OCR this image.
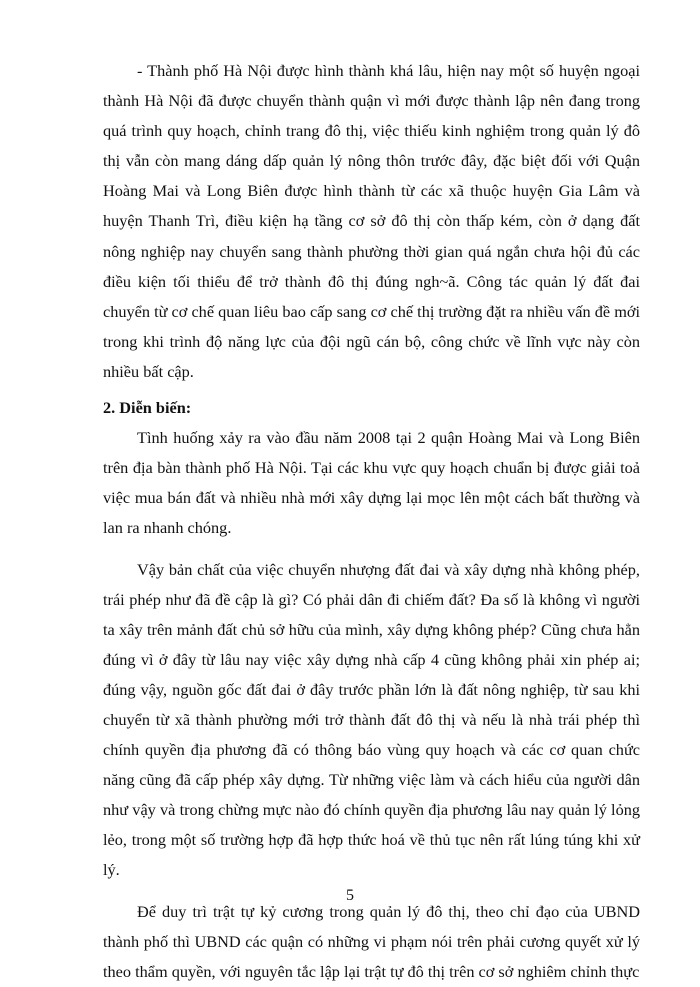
- Thành phố Hà Nội được hình thành khá lâu, hiện nay một số huyện ngoại thành Hà Nội đã được chuyển thành quận vì mới được thành lập nên đang trong quá trình quy hoạch, chỉnh trang đô thị, việc thiếu kinh nghiệm trong quản lý đô thị vẫn còn mang dáng dấp quản lý nông thôn trước đây, đặc biệt đối với Quận Hoàng Mai và Long Biên được hình thành từ các xã thuộc huyện Gia Lâm và huyện Thanh Trì, điều kiện hạ tầng cơ sở đô thị còn thấp kém, còn ở dạng đất nông nghiệp nay chuyển sang thành phường thời gian quá ngắn chưa hội đủ các điều kiện tối thiểu để trở thành đô thị đúng ngh~ã. Công tác quản lý đất đai chuyển từ cơ chế quan liêu bao cấp sang cơ chế thị trường đặt ra nhiều vấn đề mới trong khi trình độ năng lực của đội ngũ cán bộ, công chức về lĩnh vực này còn nhiều bất cập.

2. Diễn biến:

Tình huống xảy ra vào đầu năm 2008 tại 2 quận Hoàng Mai và Long Biên trên địa bàn thành phố Hà Nội. Tại các khu vực quy hoạch chuẩn bị được giải toả việc mua bán đất và nhiều nhà mới xây dựng lại mọc lên một cách bất thường và lan ra nhanh chóng.

Vậy bản chất của việc chuyển nhượng đất đai và xây dựng nhà không phép, trái phép như đã đề cập là gì? Có phải dân đi chiếm đất? Đa số là không vì người ta xây trên mảnh đất chủ sở hữu của mình, xây dựng không phép? Cũng chưa hẳn đúng vì ở đây từ lâu nay việc xây dựng nhà cấp 4 cũng không phải xin phép ai; đúng vậy, nguồn gốc đất đai ở đây trước phần lớn là đất nông nghiệp, từ sau khi chuyển từ xã thành phường mới trở thành đất đô thị và nếu là nhà trái phép thì chính quyền địa phương đã có thông báo vùng quy hoạch và các cơ quan chức năng cũng đã cấp phép xây dựng. Từ những việc làm và cách hiểu của người dân như vậy và trong chừng mực nào đó chính quyền địa phương lâu nay quản lý lỏng lẻo, trong một số trường hợp đã hợp thức hoá về thủ tục nên rất lúng túng khi xử lý.

Để duy trì trật tự kỷ cương trong quản lý đô thị, theo chỉ đạo của UBND thành phố thì UBND các quận có những vi phạm nói trên phải cương quyết xử lý theo thẩm quyền, với nguyên tắc lập lại trật tự đô thị trên cơ sở nghiêm chỉnh thực

5
